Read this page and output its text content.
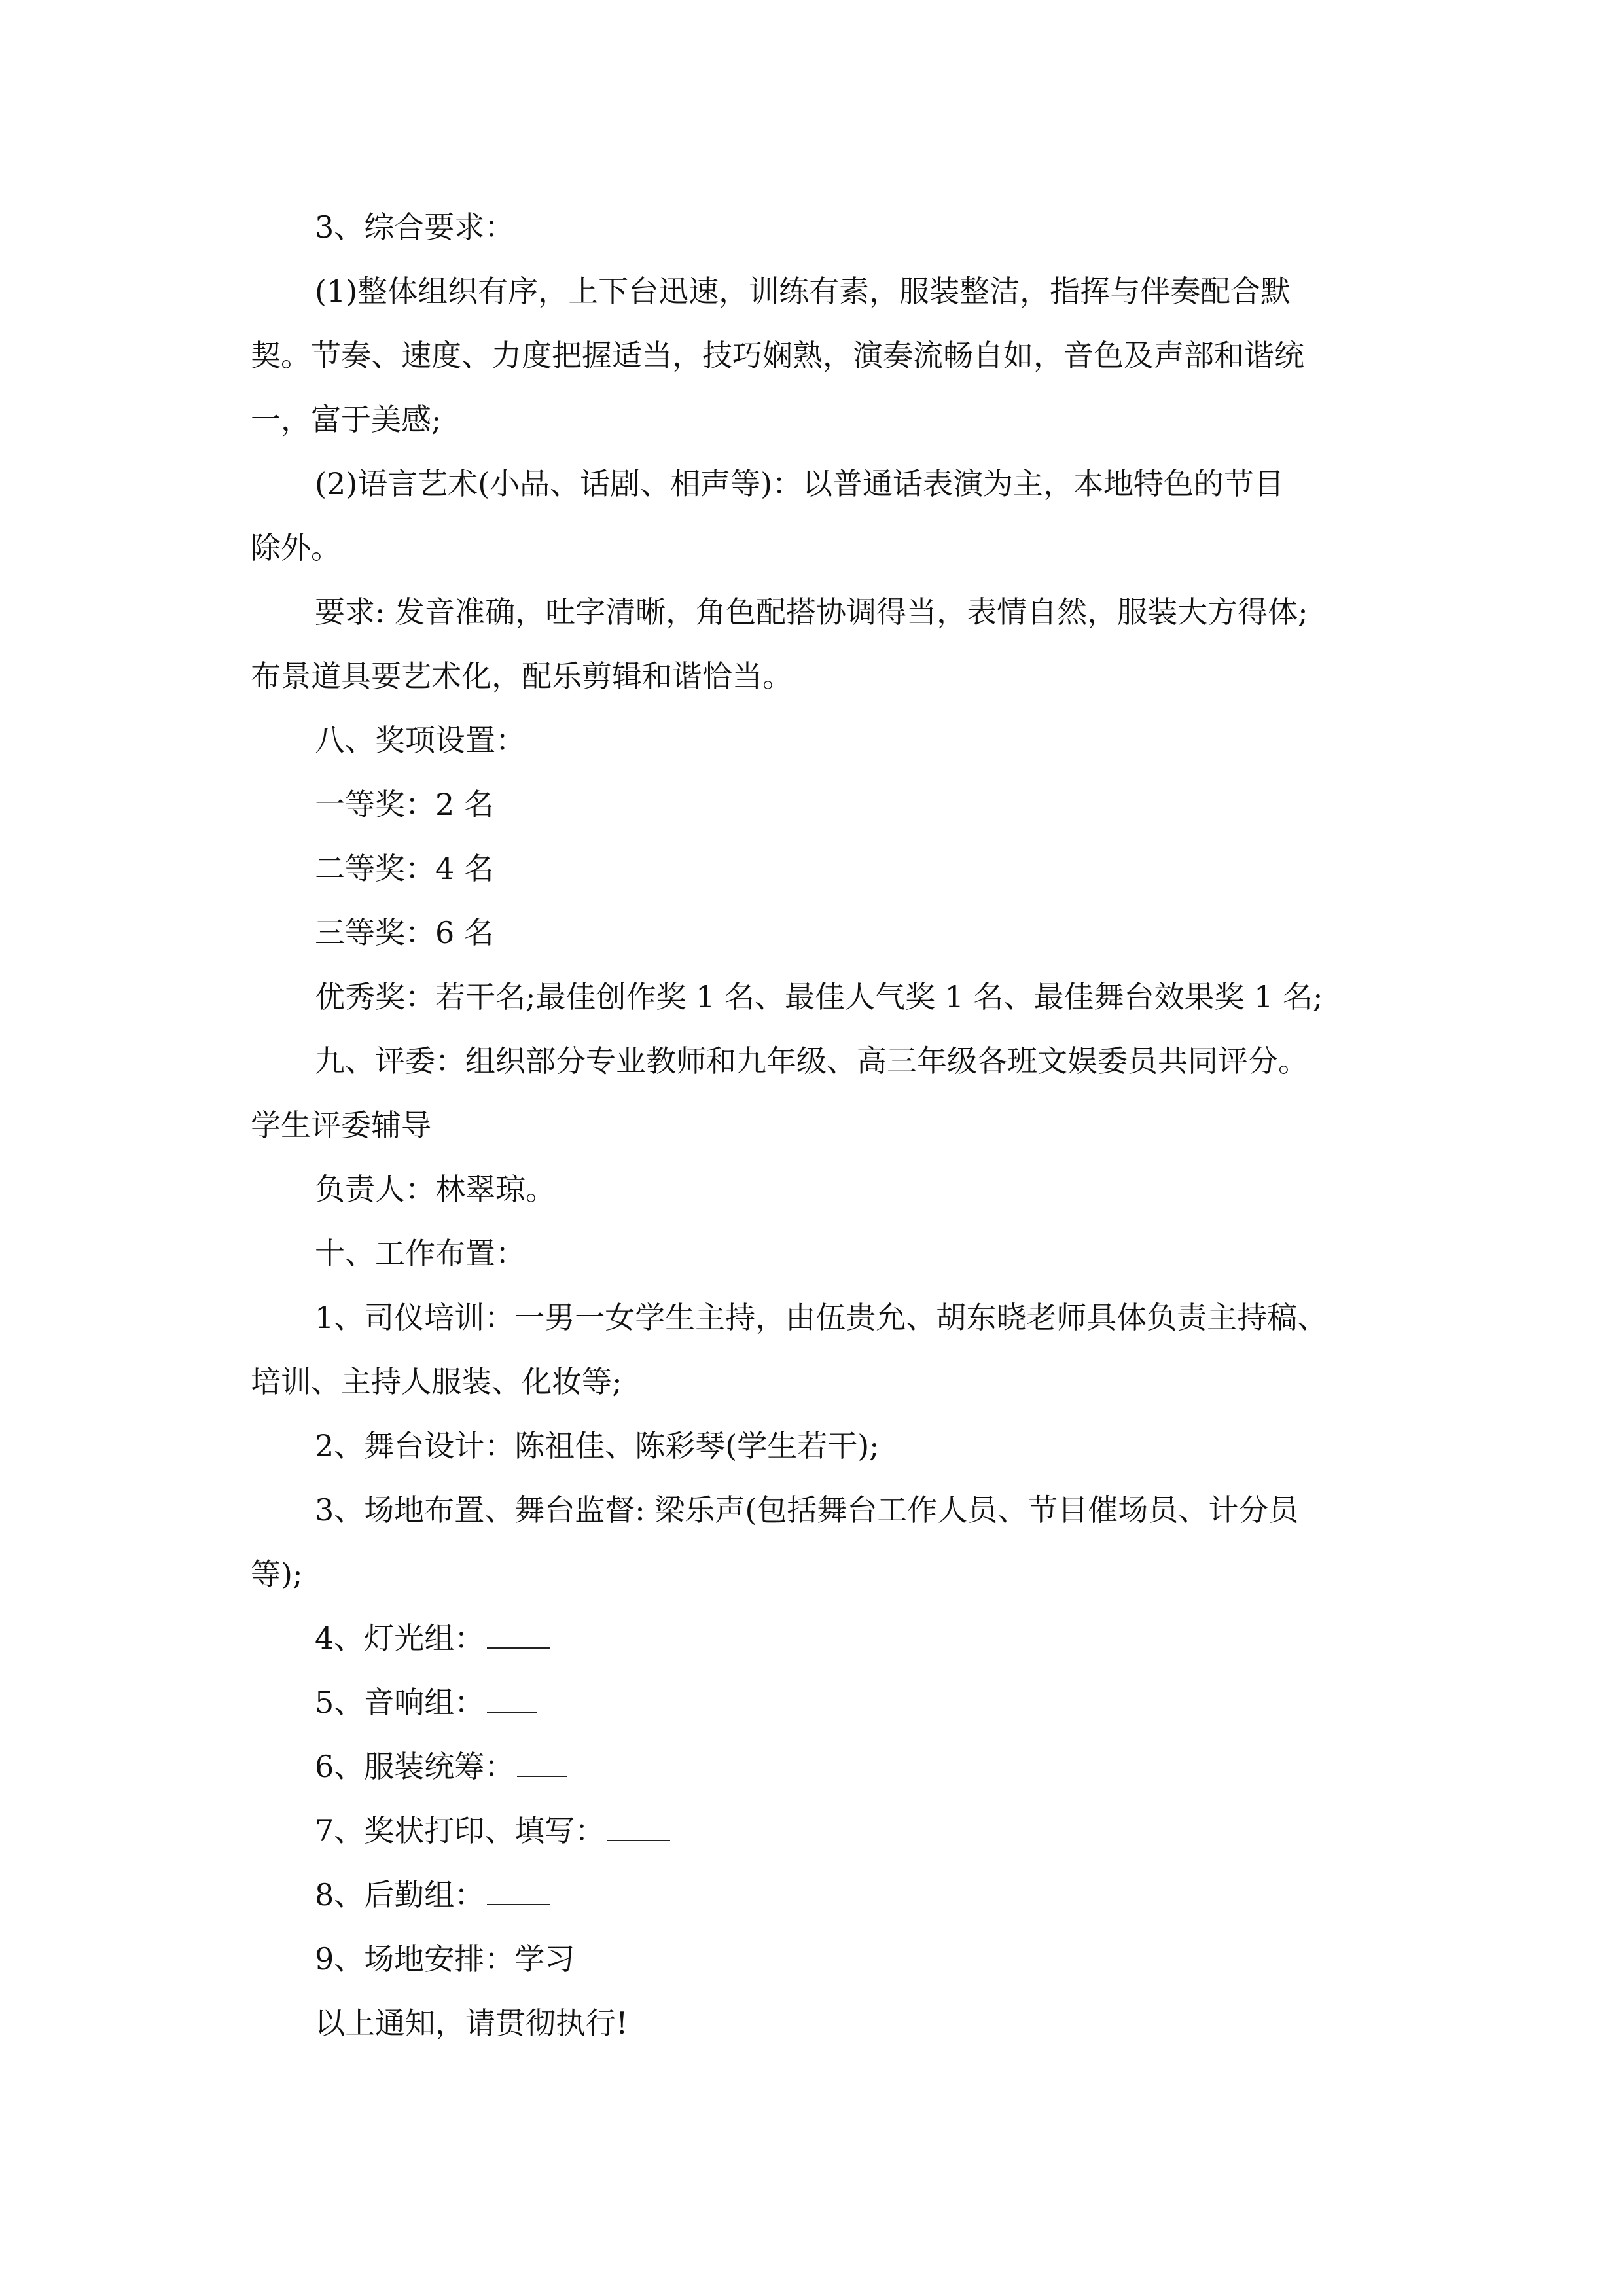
3、综合要求：

(1)整体组织有序，上下台迅速，训练有素，服装整洁，指挥与伴奏配合默

契。节奏、速度、力度把握适当，技巧娴熟，演奏流畅自如，音色及声部和谐统

一，富于美感;

(2)语言艺术(小品、话剧、相声等)：以普通话表演为主，本地特色的节目

除外。

要求: 发音准确，吐字清晰，角色配搭协调得当，表情自然，服装大方得体;

布景道具要艺术化，配乐剪辑和谐恰当。

八、奖项设置：

一等奖：2 名

二等奖：4 名

三等奖：6 名

优秀奖：若干名;最佳创作奖 1 名、最佳人气奖 1 名、最佳舞台效果奖 1 名;

九、评委：组织部分专业教师和九年级、高三年级各班文娱委员共同评分。

学生评委辅导

负责人：林翠琼。

十、工作布置：

1、司仪培训：一男一女学生主持，由伍贵允、胡东晓老师具体负责主持稿、

培训、主持人服装、化妆等;

2、舞台设计：陈祖佳、陈彩琴(学生若干);

3、场地布置、舞台监督: 梁乐声(包括舞台工作人员、节目催场员、计分员

等);

4、灯光组：

5、音响组：

6、服装统筹：

7、奖状打印、填写：

8、后勤组：

9、场地安排：学习

以上通知，请贯彻执行!
